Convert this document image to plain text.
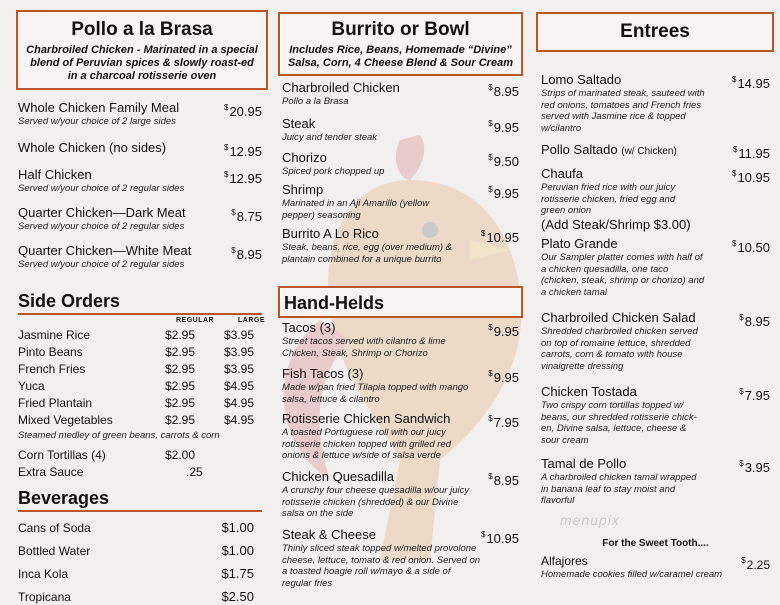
Pollo a la Brasa
Charbroiled Chicken - Marinated in a special blend of Peruvian spices & slowly roast-ed in a charcoal rotisserie oven
Whole Chicken Family Meal
Served w/your choice of 2 large sides
$20.95
Whole Chicken (no sides)	$12.95
Half Chicken
Served w/your choice of 2 regular sides
$12.95
Quarter Chicken—Dark Meat
Served w/your choice of 2 regular sides
$8.75
Quarter Chicken—White Meat
Served w/your choice of 2 regular sides
$8.95
Side Orders
REGULAR	LARGE
Jasmine Rice	$2.95 $3.95
Pinto Beans	$2.95 $3.95
French Fries	$2.95 $3.95
Yuca	$2.95 $4.95
Fried Plantain	$2.95 $4.95
Mixed Vegetables	$2.95 $4.95
Steamed medley of green beans, carrots & corn
Corn Tortillas (4)	$2.00
Extra Sauce	.25
Beverages
Cans of Soda	$1.00
Bottled Water	$1.00
Inca Kola	$1.75
Tropicana	$2.50
Burrito or Bowl
Includes Rice, Beans, Homemade “Divine” Salsa, Corn, 4 Cheese Blend & Sour Cream
Charbroiled Chicken
Pollo a la Brasa
$8.95
Steak
Juicy and tender steak
$9.95
Chorizo
Spiced pork chopped up
$9.50
Shrimp
Marinated in an Aji Amarillo (yellow pepper) seasoning
$9.95
Burrito A Lo Rico
Steak, beans, rice, egg (over medium) & plantain combined for a unique burrito
$10.95
Hand-Helds
Tacos (3)
Street tacos served with cilantro & lime Chicken, Steak, Shrimp or Chorizo
$9.95
Fish Tacos (3)
Made w/pan fried Tilapia topped with mango salsa, lettuce & cilantro
$9.95
Rotisserie Chicken Sandwich
A toasted Portuguese roll with our juicy rotisserie chicken topped with grilled red onions & lettuce w/side of salsa verde
$7.95
Chicken Quesadilla
A crunchy four cheese quesadilla w/our juicy rotisserie chicken (shredded) & our Divine salsa on the side
$8.95
Steak & Cheese
Thinly sliced steak topped w/melted provolone cheese, lettuce, tomato & red onion. Served on a toasted hoagie roll w/mayo & a side of regular fries
$10.95
Entrees
Lomo Saltado
Strips of marinated steak, sauteed with red onions, tomatoes and French fries served with Jasmine rice & topped w/cilantro
$14.95
Pollo Saltado (w/ Chicken)	$11.95
Chaufa
Peruvian fried rice with our juicy rotisserie chicken, fried egg and green onion
(Add Steak/Shrimp $3.00)
$10.95
Plato Grande
Our Sampler platter comes with half of a chicken quesadilla, one taco (chicken, steak, shrimp or chorizo) and a chicken tamal
$10.50
Charbroiled Chicken Salad
Shredded charbroiled chicken served on top of romaine lettuce, shredded carrots, corn & tomato with house vinaigrette dressing
$8.95
Chicken Tostada
Two crispy corn tortillas topped w/ beans, our shredded rotisserie chick-en, Divine salsa, lettuce, cheese & sour cream
$7.95
Tamal de Pollo
A charbroiled chicken tamal wrapped in banana leaf to stay moist and flavorful
$3.95
For the Sweet Tooth....
Alfajores
Homemade cookies filled w/caramel cream
$2.25
menupix
